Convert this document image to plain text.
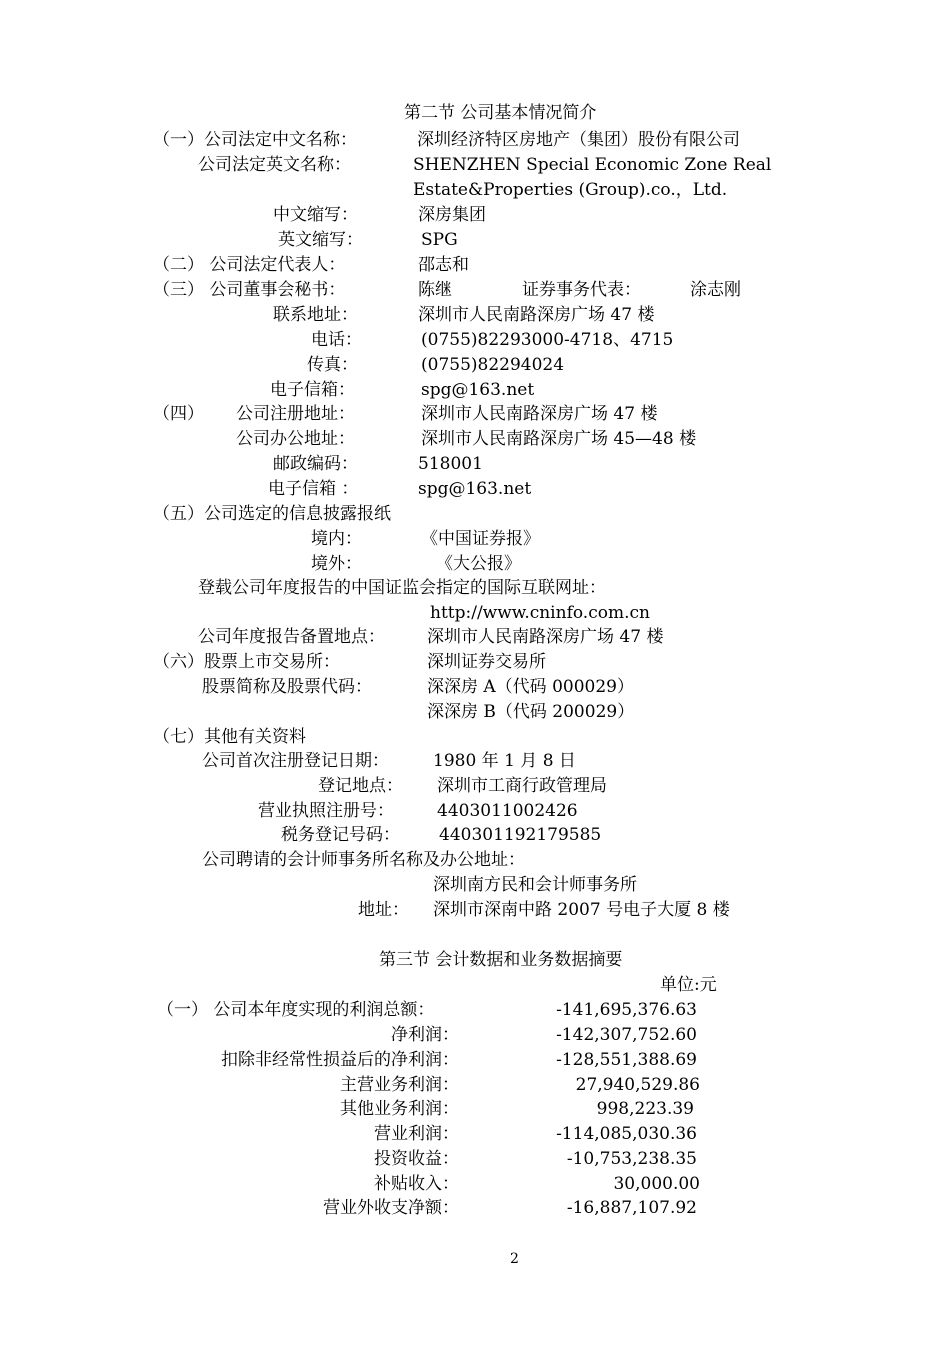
第二节 公司基本情况简介
（一）公司法定中文名称：	深圳经济特区房地产（集团）股份有限公司
公司法定英文名称：	SHENZHEN Special Economic Zone Real
Estate&Properties (Group).co.，Ltd.
中文缩写：	深房集团
英文缩写：	SPG
（二） 公司法定代表人：	邵志和
（三） 公司董事会秘书：	陈继	证券事务代表：	涂志刚
联系地址：	深圳市人民南路深房广场 47 楼
电话：	(0755)82293000-4718、4715
传真：	(0755)82294024
电子信箱：	spg@163.net
（四） 公司注册地址：	深圳市人民南路深房广场 47 楼
公司办公地址：	深圳市人民南路深房广场 45—48 楼
邮政编码：	518001
电子信箱 ：	spg@163.net
（五）公司选定的信息披露报纸
境内：	《中国证券报》
境外：	《大公报》
登载公司年度报告的中国证监会指定的国际互联网址：
http://www.cninfo.com.cn
公司年度报告备置地点： 深圳市人民南路深房广场 47 楼
（六）股票上市交易所：	深圳证券交易所
股票简称及股票代码：	深深房 A（代码 000029）
深深房 B（代码 200029）
（七）其他有关资料
公司首次注册登记日期：	1980 年 1 月 8 日
登记地点： 深圳市工商行政管理局
营业执照注册号：	4403011002426
税务登记号码： 440301192179585
公司聘请的会计师事务所名称及办公地址：
深圳南方民和会计师事务所
地址： 深圳市深南中路 2007 号电子大厦 8 楼
第三节 会计数据和业务数据摘要
单位:元
（一） 公司本年度实现的利润总额：	-141,695,376.63
净利润：	-142,307,752.60
扣除非经常性损益后的净利润：	-128,551,388.69
主营业务利润：	27,940,529.86
其他业务利润：	998,223.39
营业利润：	-114,085,030.36
投资收益：	-10,753,238.35
补贴收入：	30,000.00
营业外收支净额：	-16,887,107.92
2
